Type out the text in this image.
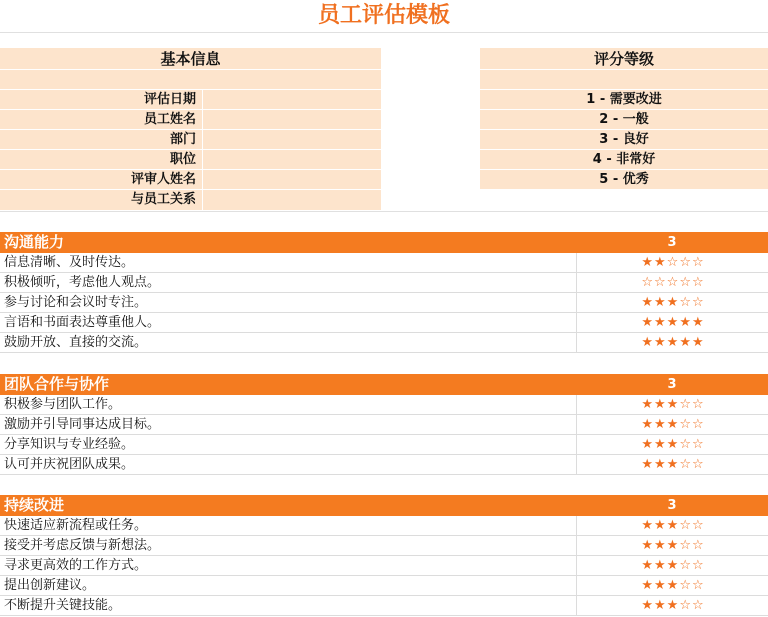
员工评估模板
基本信息
评估日期
员工姓名
部门
职位
评审人姓名
与员工关系
评分等级
1 - 需要改进
2 - 一般
3 - 良好
4 - 非常好
5 - 优秀
沟通能力	3
信息清晰、及时传达。	★★☆☆☆
积极倾听，考虑他人观点。	☆☆☆☆☆
参与讨论和会议时专注。	★★★☆☆
言语和书面表达尊重他人。	★★★★★
鼓励开放、直接的交流。	★★★★★
团队合作与协作	3
积极参与团队工作。	★★★☆☆
激励并引导同事达成目标。	★★★☆☆
分享知识与专业经验。	★★★☆☆
认可并庆祝团队成果。	★★★☆☆
持续改进	3
快速适应新流程或任务。	★★★☆☆
接受并考虑反馈与新想法。	★★★☆☆
寻求更高效的工作方式。	★★★☆☆
提出创新建议。	★★★☆☆
不断提升关键技能。	★★★☆☆
